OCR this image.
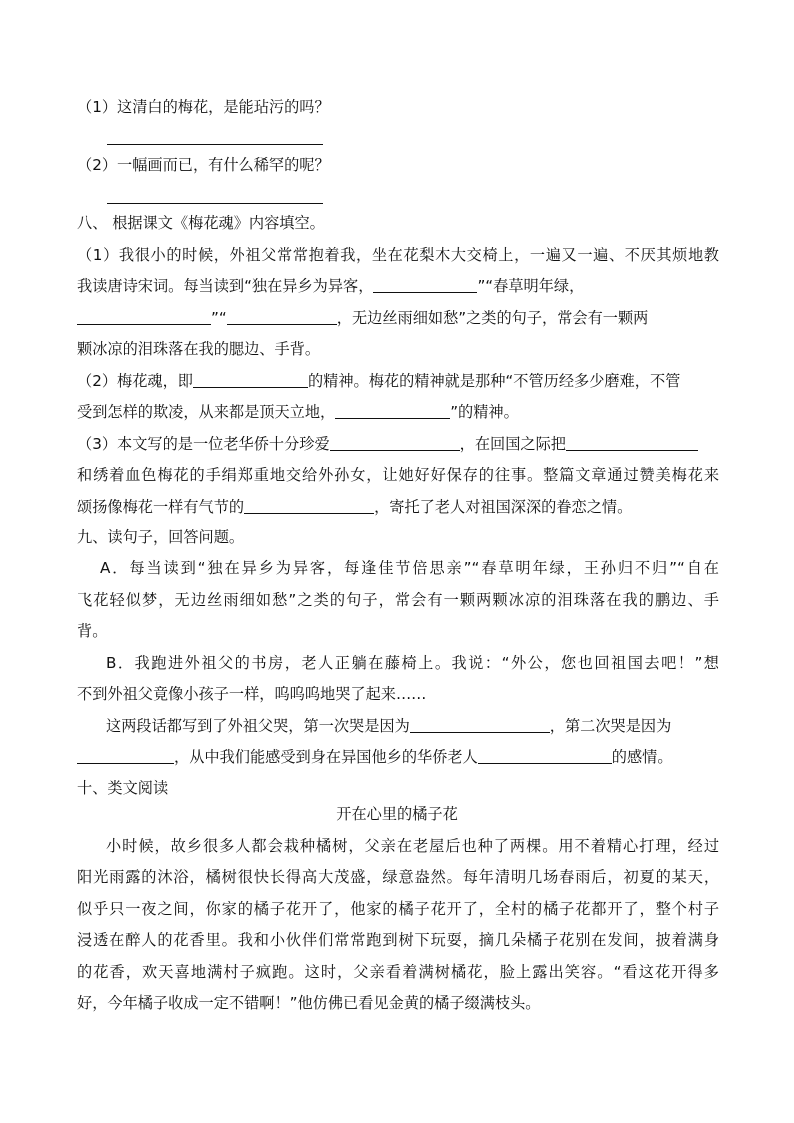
（1）这清白的梅花，是能玷污的吗？
（2）一幅画而已，有什么稀罕的呢？
八、 根据课文《梅花魂》内容填空。
（1）我很小的时候，外祖父常常抱着我，坐在花梨木大交椅上，一遍又一遍、不厌其烦地教
我读唐诗宋词。每当读到“独在异乡为异客，	”“春草明年绿，
”“	，无边丝雨细如愁”之类的句子，常会有一颗两
颗冰凉的泪珠落在我的腮边、手背。
（2）梅花魂，即	的精神。梅花的精神就是那种“不管历经多少磨难，不管
受到怎样的欺凌，从来都是顶天立地，	”的精神。
（3）本文写的是一位老华侨十分珍爱	，在回国之际把
和绣着血色梅花的手绢郑重地交给外孙女，让她好好保存的往事。整篇文章通过赞美梅花来
颂扬像梅花一样有气节的	，寄托了老人对祖国深深的眷恋之情。
九、读句子，回答问题。
A．每当读到“独在异乡为异客，每逢佳节倍思亲”“春草明年绿，王孙归不归”“自在
飞花轻似梦，无边丝雨细如愁”之类的句子，常会有一颗两颗冰凉的泪珠落在我的鹏边、手
背。
B．我跑进外祖父的书房，老人正躺在藤椅上。我说：“外公，您也回祖国去吧！”想
不到外祖父竟像小孩子一样，呜呜呜地哭了起来……
这两段话都写到了外祖父哭，第一次哭是因为	，第二次哭是因为
，从中我们能感受到身在异国他乡的华侨老人	的感情。
十、类文阅读
开在心里的橘子花
小时候，故乡很多人都会栽种橘树，父亲在老屋后也种了两棵。用不着精心打理，经过
阳光雨露的沐浴，橘树很快长得高大茂盛，绿意盎然。每年清明几场春雨后，初夏的某天，
似乎只一夜之间，你家的橘子花开了，他家的橘子花开了，全村的橘子花都开了，整个村子
浸透在醉人的花香里。我和小伙伴们常常跑到树下玩耍，摘几朵橘子花别在发间，披着满身
的花香，欢天喜地满村子疯跑。这时，父亲看着满树橘花，脸上露出笑容。“看这花开得多
好，今年橘子收成一定不错啊！”他仿佛已看见金黄的橘子缀满枝头。
